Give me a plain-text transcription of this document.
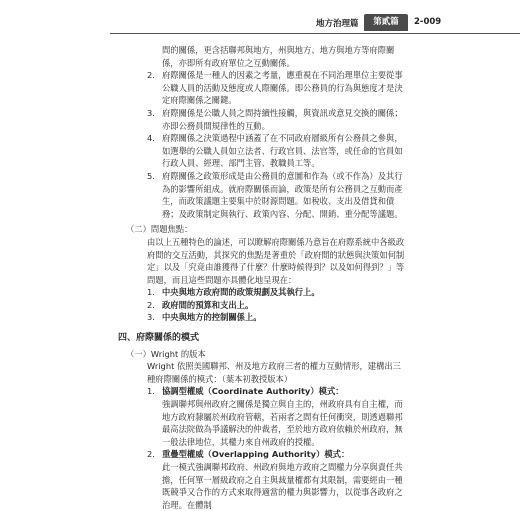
地方治理篇	第貳篇	2-009
間的關係，更含括聯邦與地方，州與地方、地方與地方等府際關係，亦即所有政府單位之互動關係。
2. 府際關係是一種人的因素之考量，應重視在不同治理單位主要從事公職人員的活動及態度或人際關係。即公務員的行為與態度才是決定府際關係之關鍵。
3. 府際關係是公職人員之間持續性接觸，與資訊或意見交換的關係；亦即公務員間規律性的互動。
4. 府際關係之決策過程中涵蓋了在不同政府層級所有公務員之參與，如選舉的公職人員如立法者、行政官員、法官等，或任命的官員如行政人員、經理、部門主管、教職員工等。
5. 府際關係之政策形成是由公務員的意圖和作為（或不作為）及其行為的影響所組成。就府際關係而論，政策是所有公務員之互動而產生，而政策議題主要集中於財源問題。如稅收、支出及借貸和債務；及政策制定與執行、政策內容、分配、開銷、重分配等議題。
（二）問題焦點：
由以上五種特色的論述，可以瞭解府際關係乃意旨在府際系統中各級政府間的交互活動，其探究的焦點是著重於「政府間的狀態與決策如何制定」以及「究竟由誰獲得了什麼？什麼時候得到？以及如何得到？」等問題，而且這些問題亦具體化地呈現在：
1. 中央與地方政府間的政策規劃及其執行上。
2. 政府間的預算和支出上。
3. 中央與地方的控制關係上。
四、府際關係的模式
（一）Wright 的版本
Wright 依照美國聯邦、州及地方政府三者的權力互動情形，建構出三種府際關係的模式：（葉本初教授版本）
1. 協調型權威（Coordinate Authority）模式：
強調聯邦與州政府之關係是獨立與自主的，州政府具有自主權，而地方政府隸屬於州政府管轄，若兩者之間有任何衝突，則透過聯邦最高法院做為爭議解決的仲裁者，至於地方政府依賴於州政府，無一般法律地位，其權力來自州政府的授權。
2. 重疊型權威（Overlapping Authority）模式：
此一模式強調聯邦政府、州政府與地方政府之間權力分享與責任共擔，任何單一層級政府之自主與裁量權都有其限制，需要經由一種既競爭又合作的方式來取得適當的權力與影響力，以從事各政府之治理。在體制
